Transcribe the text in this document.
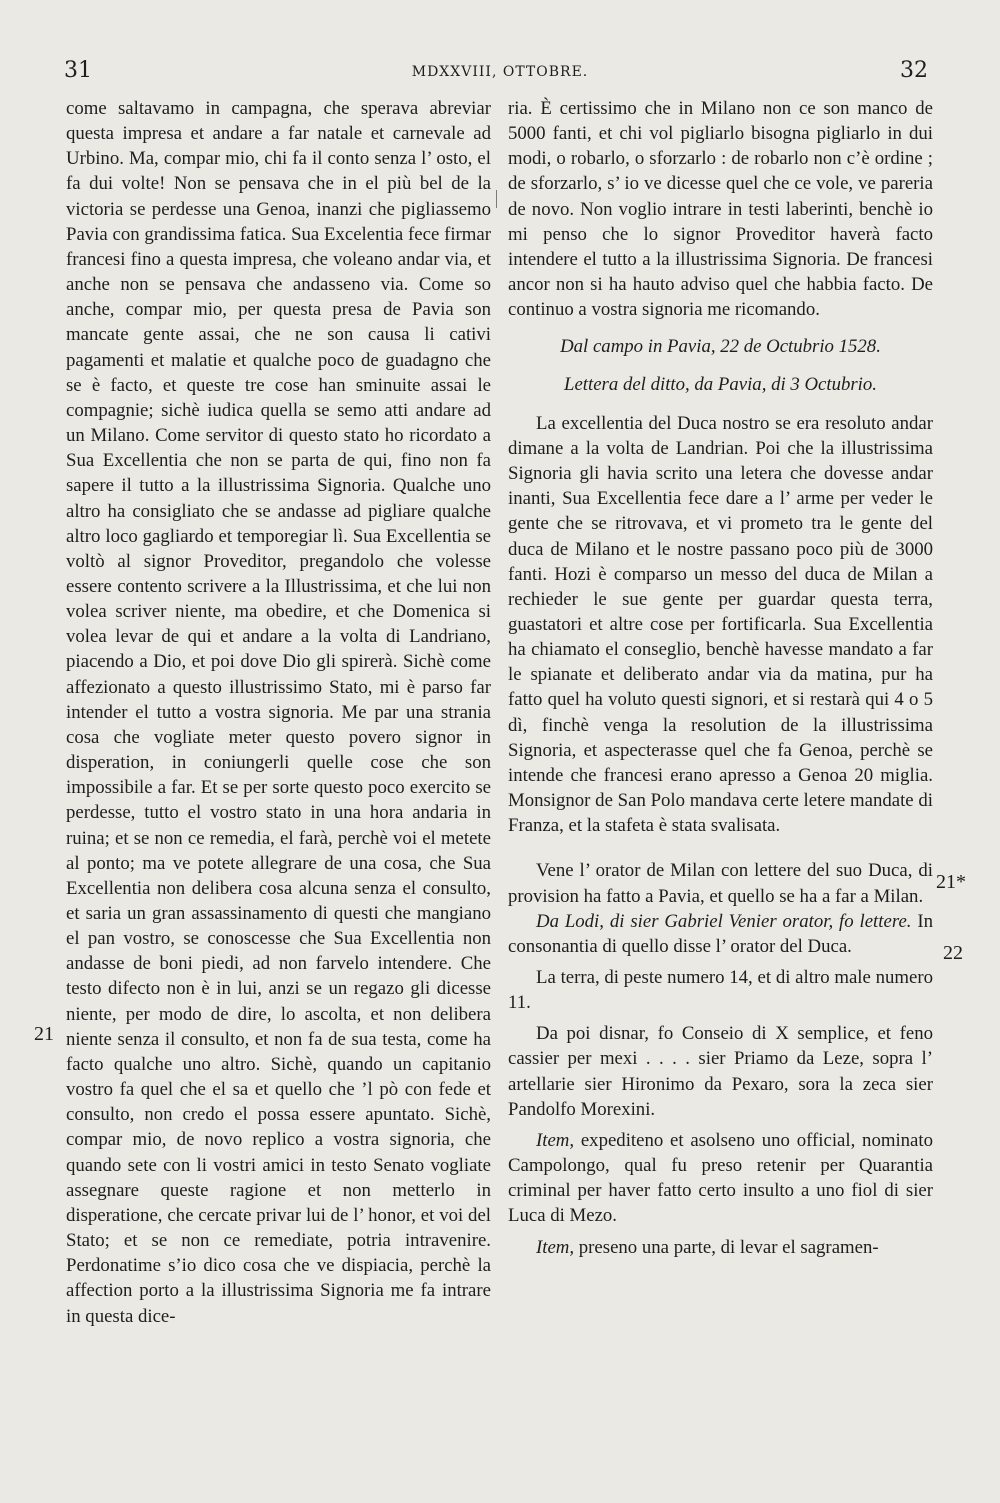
31	MDXXVIII, OTTOBRE.	32

come saltavamo in campagna, che sperava abreviar questa impresa et andare a far natale et carnevale ad Urbino. Ma, compar mio, chi fa il conto senza l’ osto, el fa dui volte! Non se pensava che in el più bel de la victoria se perdesse una Genoa, inanzi che pigliassemo Pavia con grandissima fatica. Sua Excelentia fece firmar francesi fino a questa impresa, che voleano andar via, et anche non se pensava che andasseno via. Come so anche, compar mio, per questa presa de Pavia son mancate gente assai, che ne son causa li cativi pagamenti et malatie et qualche poco de guadagno che se è facto, et queste tre cose han sminuite assai le compagnie; sichè iudica quella se semo atti andare ad un Milano. Come servitor di questo stato ho ricordato a Sua Excellentia che non se parta de qui, fino non fa sapere il tutto a la illustrissima Signoria. Qualche uno altro ha consigliato che se andasse ad pigliare qualche altro loco gagliardo et temporegiar lì. Sua Excellentia se voltò al signor Proveditor, pregandolo che volesse essere contento scrivere a la Illustrissima, et che lui non volea scriver niente, ma obedire, et che Domenica si volea levar de qui et andare a la volta di Landriano, piacendo a Dio, et poi dove Dio gli spirerà. Sichè come affezionato a questo illustrissimo Stato, mi è parso far intender el tutto a vostra signoria. Me par una strania cosa che vogliate meter questo povero signor in disperation, in coniungerli quelle cose che son impossibile a far. Et se per sorte questo poco exercito se perdesse, tutto el vostro stato in una hora andaria in ruina; et se non ce remedia, el farà, perchè voi el metete al ponto; ma ve potete allegrare de una cosa, che Sua Excellentia non delibera cosa alcuna senza el consulto, et saria un gran assassinamento di questi che mangiano el pan vostro, se conoscesse che Sua Excellentia non andasse de boni piedi, ad non farvelo intendere. Che testo difecto non è in lui, anzi se un regazo gli dicesse niente, per modo de dire, lo ascolta, et non delibera niente senza il consulto, et non fa de sua testa, come ha facto qualche uno altro. Sichè, quando un capitanio vostro fa quel che el sa et quello che ’l pò con fede et consulto, non credo el possa essere apuntato. Sichè, compar mio, de novo replico a vostra signoria, che quando sete con li vostri amici in testo Senato vogliate assegnare queste ragione et non metterlo in disperatione, che cercate privar lui de l’ honor, et voi del Stato; et se non ce remediate, potria intravenire. Perdonatime s’io dico cosa che ve dispiacia, perchè la affection porto a la illustrissima Signoria me fa intrare in questa dice-

ria. È certissimo che in Milano non ce son manco de 5000 fanti, et chi vol pigliarlo bisogna pigliarlo in dui modi, o robarlo, o sforzarlo : de robarlo non c’è ordine ; de sforzarlo, s’ io ve dicesse quel che ce vole, ve pareria de novo. Non voglio intrare in testi laberinti, benchè io mi penso che lo signor Proveditor haverà facto intendere el tutto a la illustrissima Signoria. De francesi ancor non si ha hauto adviso quel che habbia facto. De continuo a vostra signoria me ricomando.

Dal campo in Pavia, 22 de Octubrio 1528.

Lettera del ditto, da Pavia, di 3 Octubrio.

La excellentia del Duca nostro se era resoluto andar dimane a la volta de Landrian. Poi che la illustrissima Signoria gli havia scrito una letera che dovesse andar inanti, Sua Excellentia fece dare a l’ arme per veder le gente che se ritrovava, et vi prometo tra le gente del duca de Milano et le nostre passano poco più de 3000 fanti. Hozi è comparso un messo del duca de Milan a rechieder le sue gente per guardar questa terra, guastatori et altre cose per fortificarla. Sua Excellentia ha chiamato el conseglio, benchè havesse mandato a far le spianate et deliberato andar via da matina, pur ha fatto quel ha voluto questi signori, et si restarà qui 4 o 5 dì, finchè venga la resolution de la illustrissima Signoria, et aspecterasse quel che fa Genoa, perchè se intende che francesi erano apresso a Genoa 20 miglia. Monsignor de San Polo mandava certe letere mandate di Franza, et la stafeta è stata svalisata.

Vene l’ orator de Milan con lettere del suo Duca, di provision ha fatto a Pavia, et quello se ha a far a Milan.

Da Lodi, di sier Gabriel Venier orator, fo lettere. In consonantia di quello disse l’ orator del Duca.

La terra, di peste numero 14, et di altro male numero 11.

Da poi disnar, fo Conseio di X semplice, et feno cassier per mexi . . . . sier Priamo da Leze, sopra l’ artellarie sier Hironimo da Pexaro, sora la zeca sier Pandolfo Morexini.

Item, expediteno et asolseno uno official, nominato Campolongo, qual fu preso retenir per Quarantia criminal per haver fatto certo insulto a uno fiol di sier Luca di Mezo.

Item, preseno una parte, di levar el sagramen-

21
21*
22
